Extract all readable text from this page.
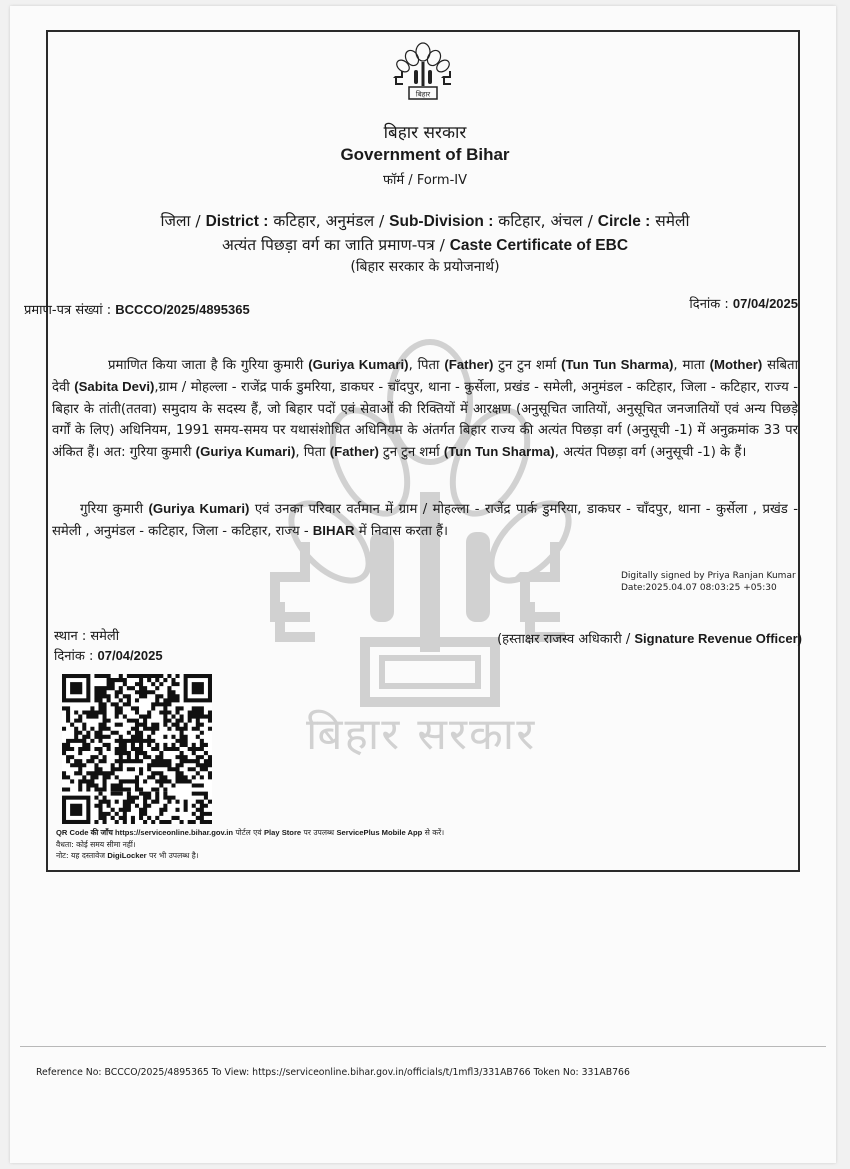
बिहार सरकार
बिहार
बिहार सरकार
Government of Bihar
फॉर्म / Form-IV
जिला / District : कटिहार, अनुमंडल / Sub-Division : कटिहार, अंचल / Circle : समेली
अत्यंत पिछड़ा वर्ग का जाति प्रमाण-पत्र / Caste Certificate of EBC
(बिहार सरकार के प्रयोजनार्थ)
प्रमाण-पत्र संख्यां : BCCCO/2025/4895365	दिनांक : 07/04/2025
प्रमाणित किया जाता है कि गुरिया कुमारी (Guriya Kumari), पिता (Father) टुन टुन शर्मा (Tun Tun Sharma), माता (Mother) सबिता देवी (Sabita Devi),ग्राम / मोहल्ला - राजेंद्र पार्क डुमरिया, डाकघर - चाँदपुर, थाना - कुर्सेला, प्रखंड - समेली, अनुमंडल - कटिहार, जिला - कटिहार, राज्य - बिहार के तांती(ततवा) समुदाय के सदस्य हैं, जो बिहार पदों एवं सेवाओं की रिक्तियों में आरक्षण (अनुसूचित जातियों, अनुसूचित जनजातियों एवं अन्य पिछड़े वर्गों के लिए) अधिनियम, 1991 समय-समय पर यथासंशोधित अधिनियम के अंतर्गत बिहार राज्य की अत्यंत पिछड़ा वर्ग (अनुसूची -1) में अनुक्रमांक 33 पर अंकित हैं। अत: गुरिया कुमारी (Guriya Kumari), पिता (Father) टुन टुन शर्मा (Tun Tun Sharma), अत्यंत पिछड़ा वर्ग (अनुसूची -1) के हैं।
गुरिया कुमारी (Guriya Kumari) एवं उनका परिवार वर्तमान में ग्राम / मोहल्ला - राजेंद्र पार्क डुमरिया, डाकघर - चाँदपुर, थाना - कुर्सेला , प्रखंड - समेली , अनुमंडल - कटिहार, जिला - कटिहार, राज्य - BIHAR में निवास करता हैं।
Digitally signed by Priya Ranjan Kumar
Date:2025.04.07 08:03:25 +05:30
स्थान : समेली
दिनांक : 07/04/2025
(हस्ताक्षर राजस्व अधिकारी / Signature Revenue Officer)
QR Code की जाँच https://serviceonline.bihar.gov.in पोर्टल एवं Play Store पर उपलब्ध ServicePlus Mobile App से करें।
वैधता: कोई समय सीमा नहीं।
नोट: यह दस्तावेज DigiLocker पर भी उपलब्ध है।
Reference No: BCCCO/2025/4895365 To View: https://serviceonline.bihar.gov.in/officials/t/1mfl3/331AB766 Token No: 331AB766
